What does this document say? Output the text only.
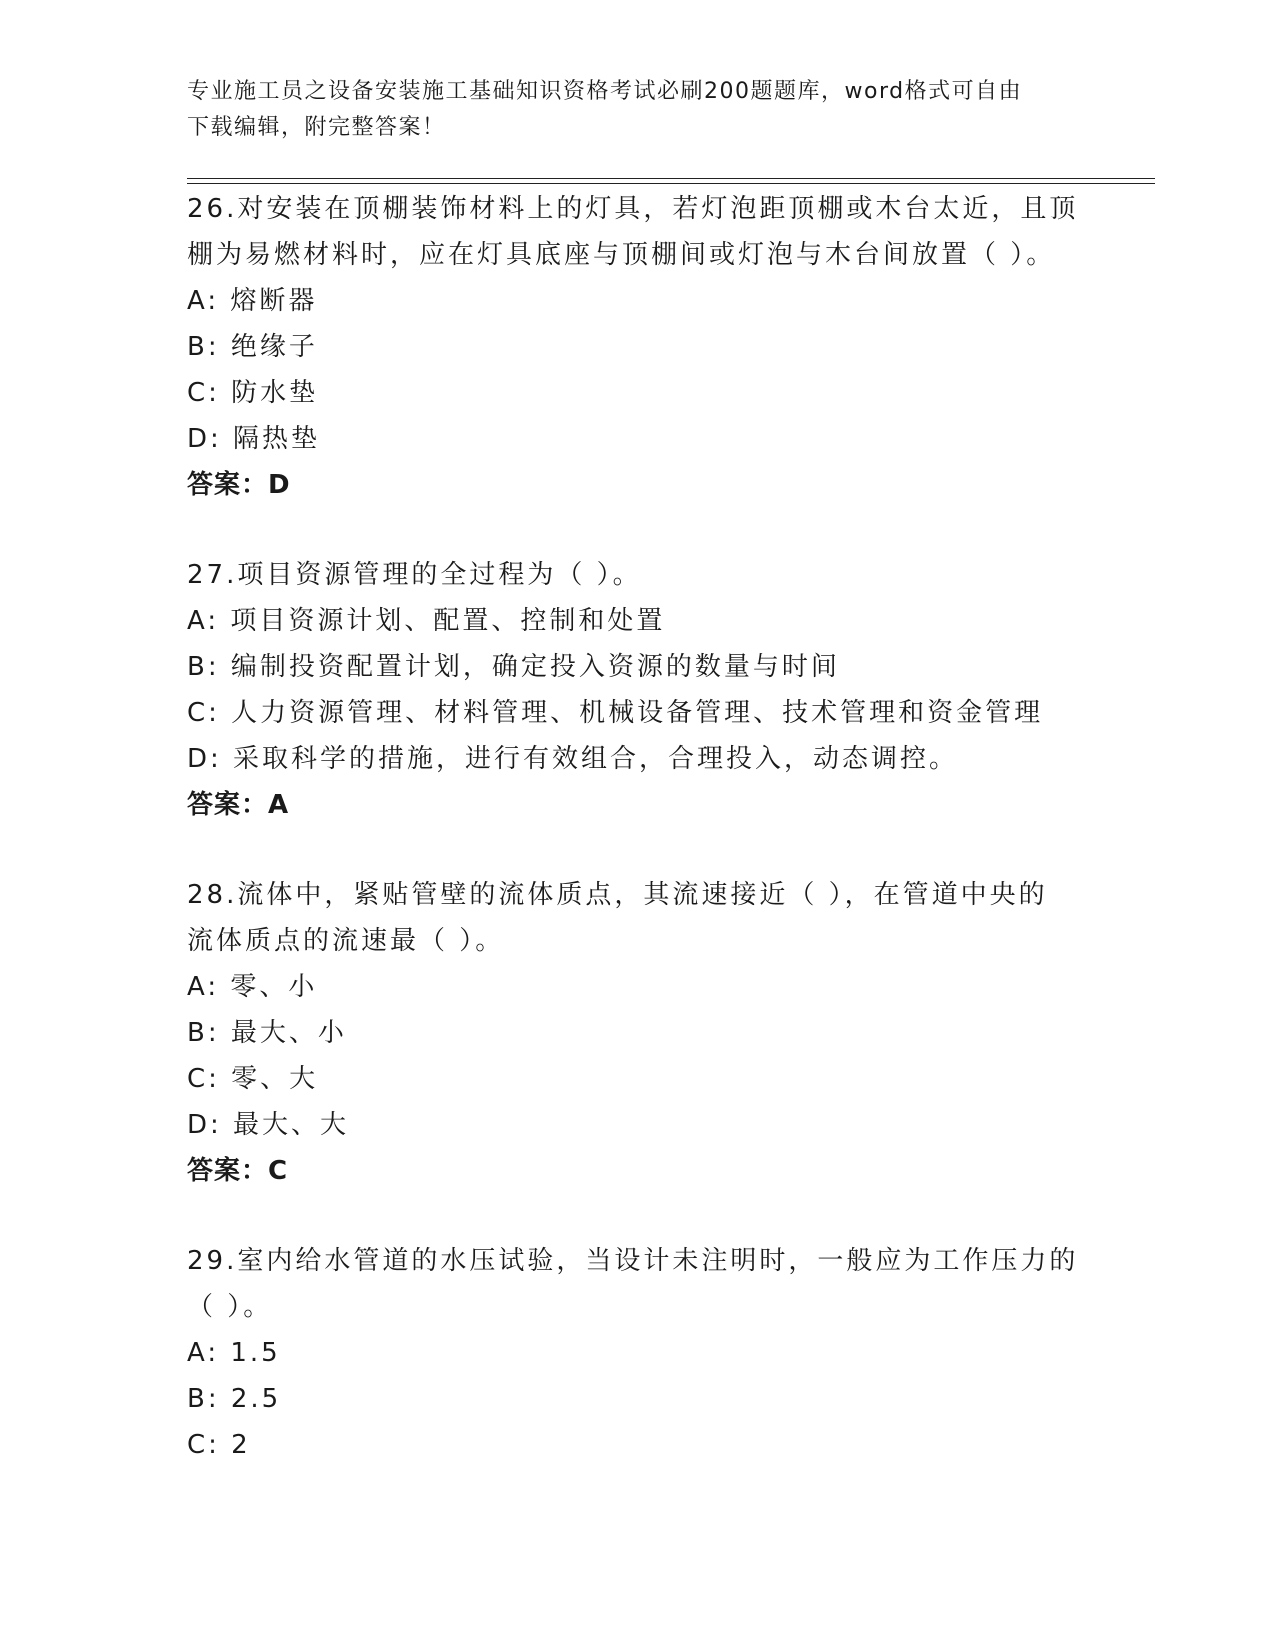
专业施工员之设备安装施工基础知识资格考试必刷200题题库，word格式可自由
下载编辑，附完整答案！
26.对安装在顶棚装饰材料上的灯具，若灯泡距顶棚或木台太近，且顶
棚为易燃材料时，应在灯具底座与顶棚间或灯泡与木台间放置（ ）。
A: 熔断器
B: 绝缘子
C: 防水垫
D: 隔热垫
答案：D
27.项目资源管理的全过程为（ ）。
A: 项目资源计划、配置、控制和处置
B: 编制投资配置计划，确定投入资源的数量与时间
C: 人力资源管理、材料管理、机械设备管理、技术管理和资金管理
D: 采取科学的措施，进行有效组合，合理投入，动态调控。
答案：A
28.流体中，紧贴管壁的流体质点，其流速接近（ ），在管道中央的
流体质点的流速最（ ）。
A: 零、小
B: 最大、小
C: 零、大
D: 最大、大
答案：C
29.室内给水管道的水压试验，当设计未注明时，一般应为工作压力的
（ ）。
A: 1.5
B: 2.5
C: 2
